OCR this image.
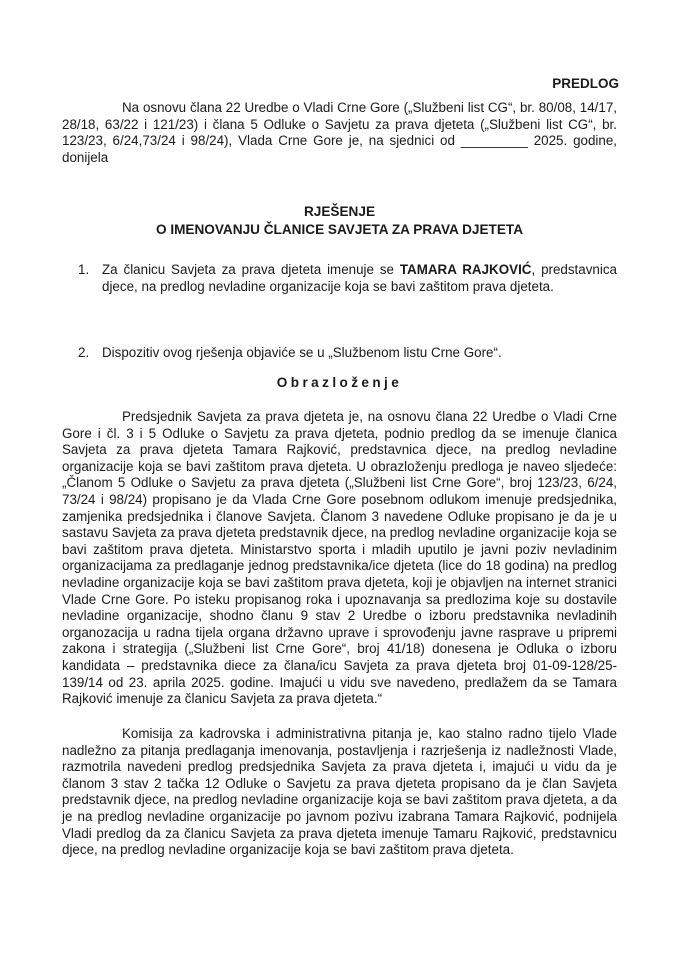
PREDLOG

Na osnovu člana 22 Uredbe o Vladi Crne Gore („Službeni list CG“, br. 80/08, 14/17, 28/18, 63/22 i 121/23) i člana 5 Odluke o Savjetu za prava djeteta („Službeni list CG“, br. 123/23, 6/24,73/24 i 98/24), Vlada Crne Gore je, na sjednici od _________ 2025. godine, donijela

RJEŠENJE
O IMENOVANJU ČLANICE SAVJETA ZA PRAVA DJETETA
1. Za članicu Savjeta za prava djeteta imenuje se TAMARA RAJKOVIĆ, predstavnica djece, na predlog nevladine organizacije koja se bavi zaštitom prava djeteta.
2. Dispozitiv ovog rješenja objaviće se u „Službenom listu Crne Gore“.
Obrazloženje

Predsjednik Savjeta za prava djeteta je, na osnovu člana 22 Uredbe o Vladi Crne Gore i čl. 3 i 5 Odluke o Savjetu za prava djeteta, podnio predlog da se imenuje članica Savjeta za prava djeteta Tamara Rajković, predstavnica djece, na predlog nevladine organizacije koja se bavi zaštitom prava djeteta. U obrazloženju predloga je naveo sljedeće: „Članom 5 Odluke o Savjetu za prava djeteta („Službeni list Crne Gore“, broj 123/23, 6/24, 73/24 i 98/24) propisano je da Vlada Crne Gore posebnom odlukom imenuje predsjednika, zamjenika predsjednika i članove Savjeta. Članom 3 navedene Odluke propisano je da je u sastavu Savjeta za prava djeteta predstavnik djece, na predlog nevladine organizacije koja se bavi zaštitom prava djeteta. Ministarstvo sporta i mladih uputilo je javni poziv nevladinim organizacijama za predlaganje jednog predstavnika/ice djeteta (lice do 18 godina) na predlog nevladine organizacije koja se bavi zaštitom prava djeteta, koji je objavljen na internet stranici Vlade Crne Gore. Po isteku propisanog roka i upoznavanja sa predlozima koje su dostavile nevladine organizacije, shodno članu 9 stav 2 Uredbe o izboru predstavnika nevladinih organozacija u radna tijela organa državno uprave i sprovođenju javne rasprave u pripremi zakona i strategija („Službeni list Crne Gore“, broj 41/18) donesena je Odluka o izboru kandidata – predstavnika diece za člana/icu Savjeta za prava djeteta broj 01-09-128/25-139/14 od 23. aprila 2025. godine. Imajući u vidu sve navedeno, predlažem da se Tamara Rajković imenuje za članicu Savjeta za prava djeteta.“

Komisija za kadrovska i administrativna pitanja je, kao stalno radno tijelo Vlade nadležno za pitanja predlaganja imenovanja, postavljenja i razrješenja iz nadležnosti Vlade, razmotrila navedeni predlog predsjednika Savjeta za prava djeteta i, imajući u vidu da je članom 3 stav 2 tačka 12 Odluke o Savjetu za prava djeteta propisano da je član Savjeta predstavnik djece, na predlog nevladine organizacije koja se bavi zaštitom prava djeteta, a da je na predlog nevladine organizacije po javnom pozivu izabrana Tamara Rajković, podnijela Vladi predlog da za članicu Savjeta za prava djeteta imenuje Tamaru Rajković, predstavnicu djece, na predlog nevladine organizacije koja se bavi zaštitom prava djeteta.
